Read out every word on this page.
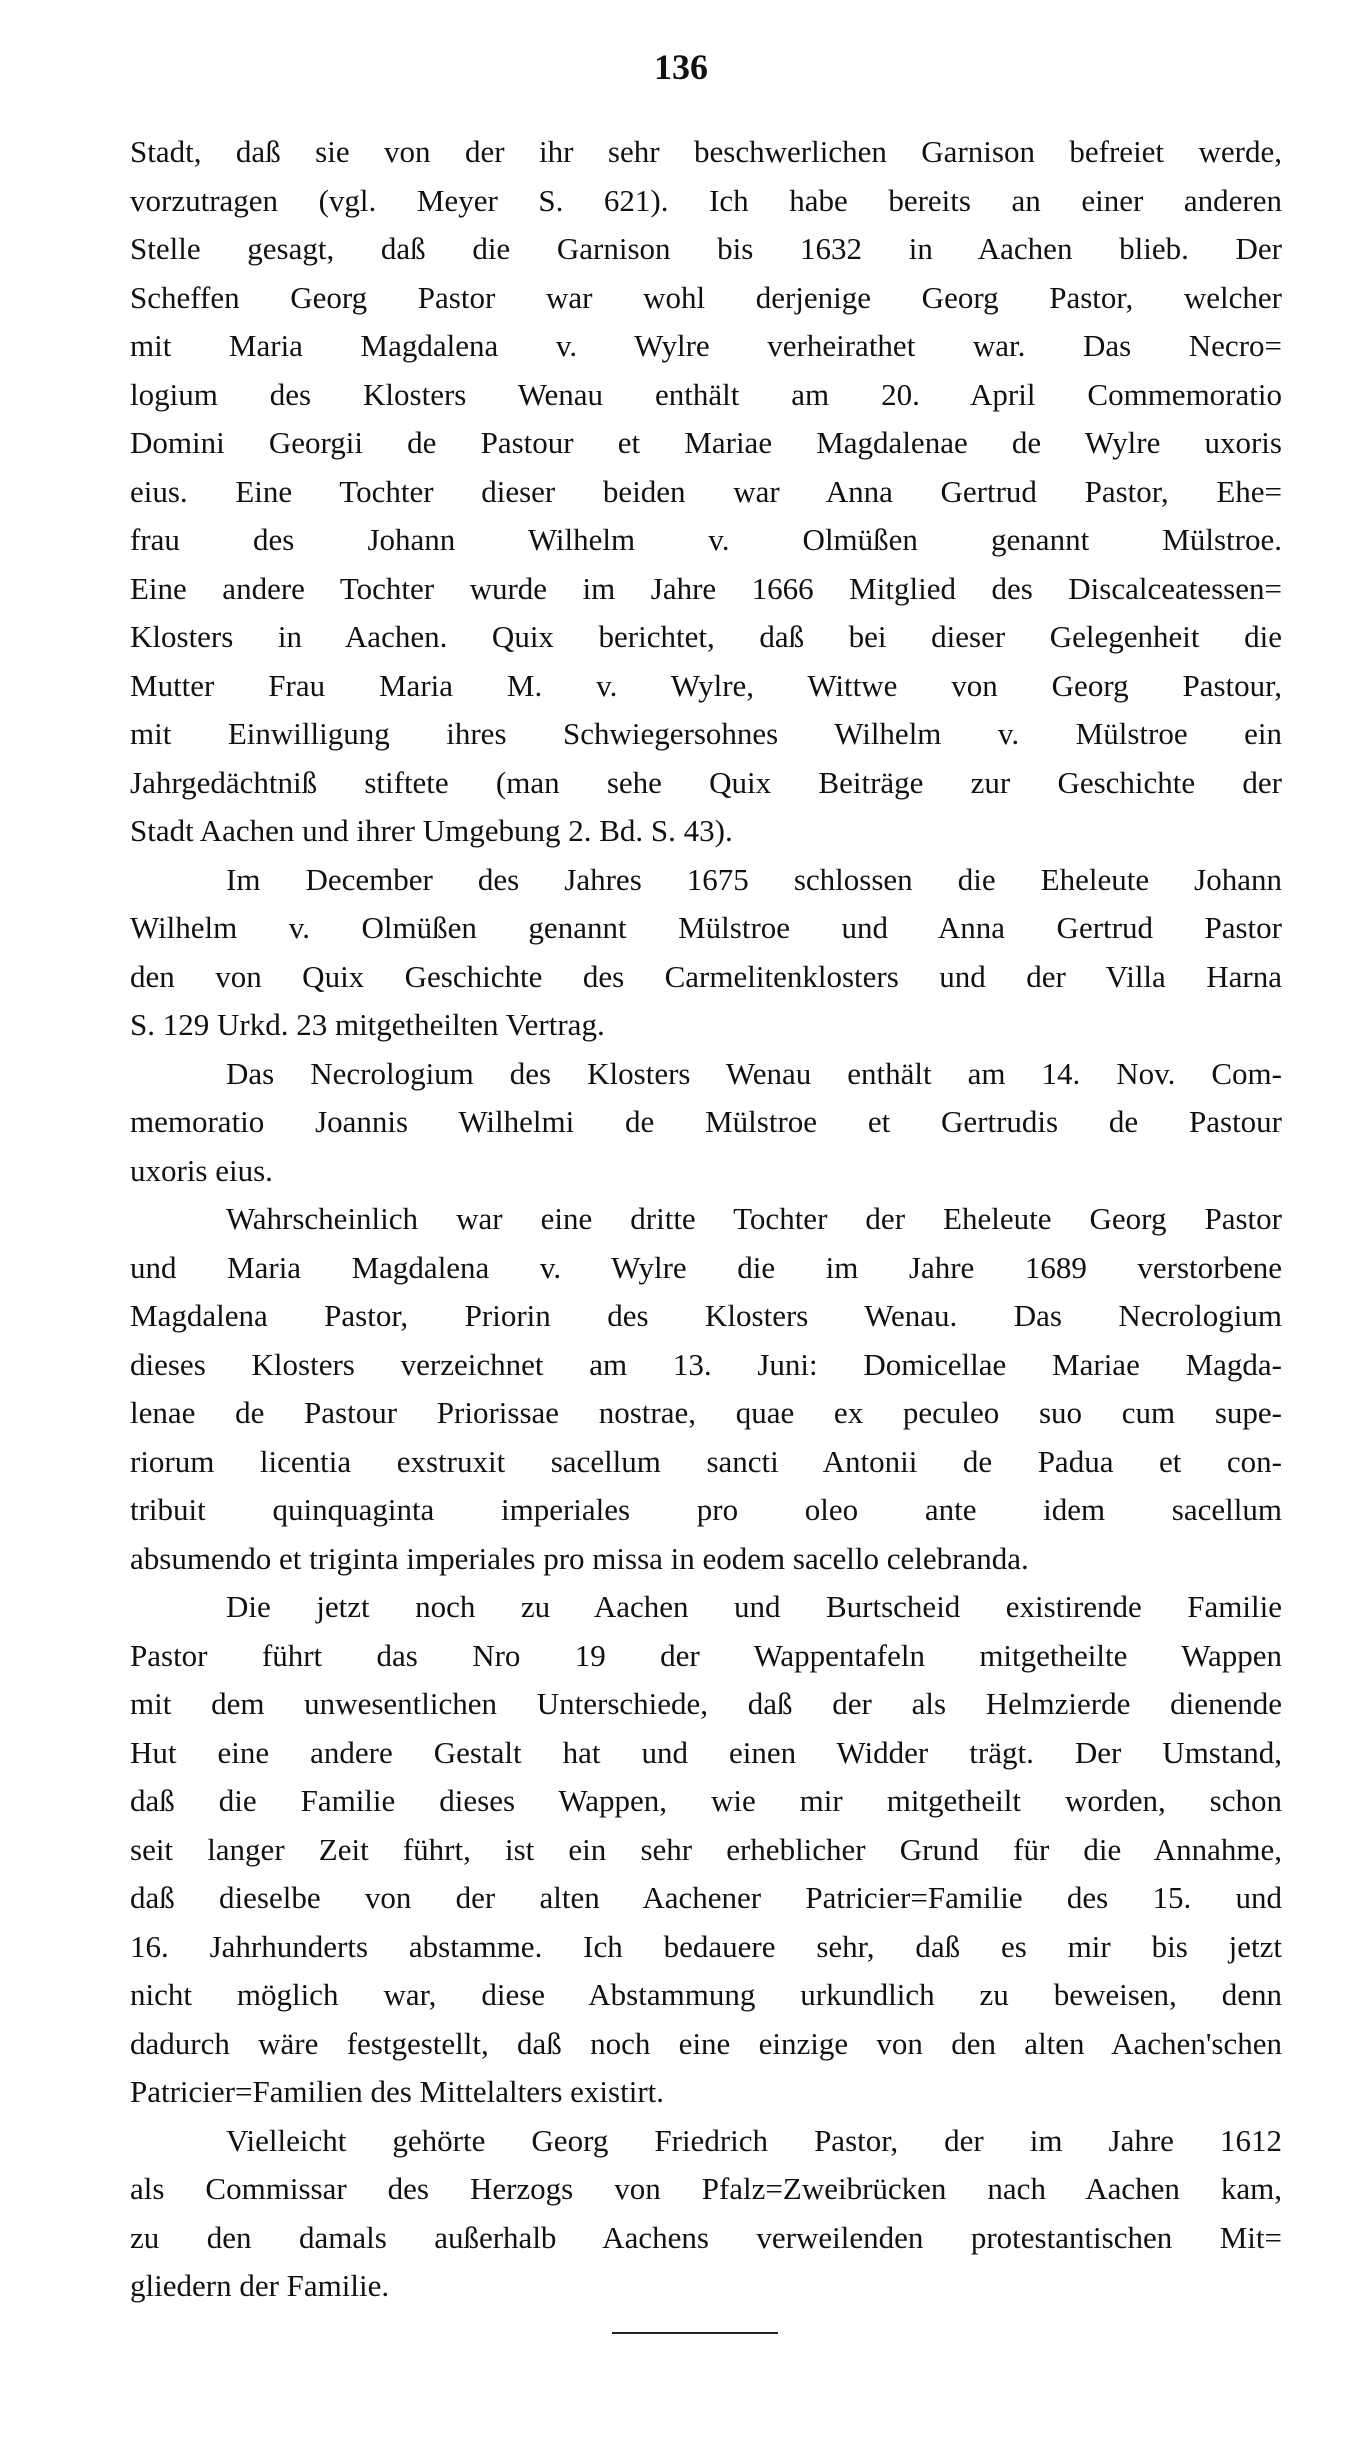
136
Stadt, daß sie von der ihr sehr beschwerlichen Garnison befreiet werde,
vorzutragen (vgl. Meyer S. 621). Ich habe bereits an einer anderen
Stelle gesagt, daß die Garnison bis 1632 in Aachen blieb. Der
Scheffen Georg Pastor war wohl derjenige Georg Pastor, welcher
mit Maria Magdalena v. Wylre verheirathet war. Das Necro=
logium des Klosters Wenau enthält am 20. April Commemoratio
Domini Georgii de Pastour et Mariae Magdalenae de Wylre uxoris
eius. Eine Tochter dieser beiden war Anna Gertrud Pastor, Ehe=
frau des Johann Wilhelm v. Olmüßen genannt Mülstroe.
Eine andere Tochter wurde im Jahre 1666 Mitglied des Discalceatessen=
Klosters in Aachen. Quix berichtet, daß bei dieser Gelegenheit die
Mutter Frau Maria M. v. Wylre, Wittwe von Georg Pastour,
mit Einwilligung ihres Schwiegersohnes Wilhelm v. Mülstroe ein
Jahrgedächtniß stiftete (man sehe Quix Beiträge zur Geschichte der
Stadt Aachen und ihrer Umgebung 2. Bd. S. 43).
Im December des Jahres 1675 schlossen die Eheleute Johann
Wilhelm v. Olmüßen genannt Mülstroe und Anna Gertrud Pastor
den von Quix Geschichte des Carmelitenklosters und der Villa Harna
S. 129 Urkd. 23 mitgetheilten Vertrag.
Das Necrologium des Klosters Wenau enthält am 14. Nov. Com-
memoratio Joannis Wilhelmi de Mülstroe et Gertrudis de Pastour
uxoris eius.
Wahrscheinlich war eine dritte Tochter der Eheleute Georg Pastor
und Maria Magdalena v. Wylre die im Jahre 1689 verstorbene
Magdalena Pastor, Priorin des Klosters Wenau. Das Necrologium
dieses Klosters verzeichnet am 13. Juni: Domicellae Mariae Magda-
lenae de Pastour Priorissae nostrae, quae ex peculeo suo cum supe-
riorum licentia exstruxit sacellum sancti Antonii de Padua et con-
tribuit quinquaginta imperiales pro oleo ante idem sacellum
absumendo et triginta imperiales pro missa in eodem sacello celebranda.
Die jetzt noch zu Aachen und Burtscheid existirende Familie
Pastor führt das Nro 19 der Wappentafeln mitgetheilte Wappen
mit dem unwesentlichen Unterschiede, daß der als Helmzierde dienende
Hut eine andere Gestalt hat und einen Widder trägt. Der Umstand,
daß die Familie dieses Wappen, wie mir mitgetheilt worden, schon
seit langer Zeit führt, ist ein sehr erheblicher Grund für die Annahme,
daß dieselbe von der alten Aachener Patricier=Familie des 15. und
16. Jahrhunderts abstamme. Ich bedauere sehr, daß es mir bis jetzt
nicht möglich war, diese Abstammung urkundlich zu beweisen, denn
dadurch wäre festgestellt, daß noch eine einzige von den alten Aachen'schen
Patricier=Familien des Mittelalters existirt.
Vielleicht gehörte Georg Friedrich Pastor, der im Jahre 1612
als Commissar des Herzogs von Pfalz=Zweibrücken nach Aachen kam,
zu den damals außerhalb Aachens verweilenden protestantischen Mit=
gliedern der Familie.
